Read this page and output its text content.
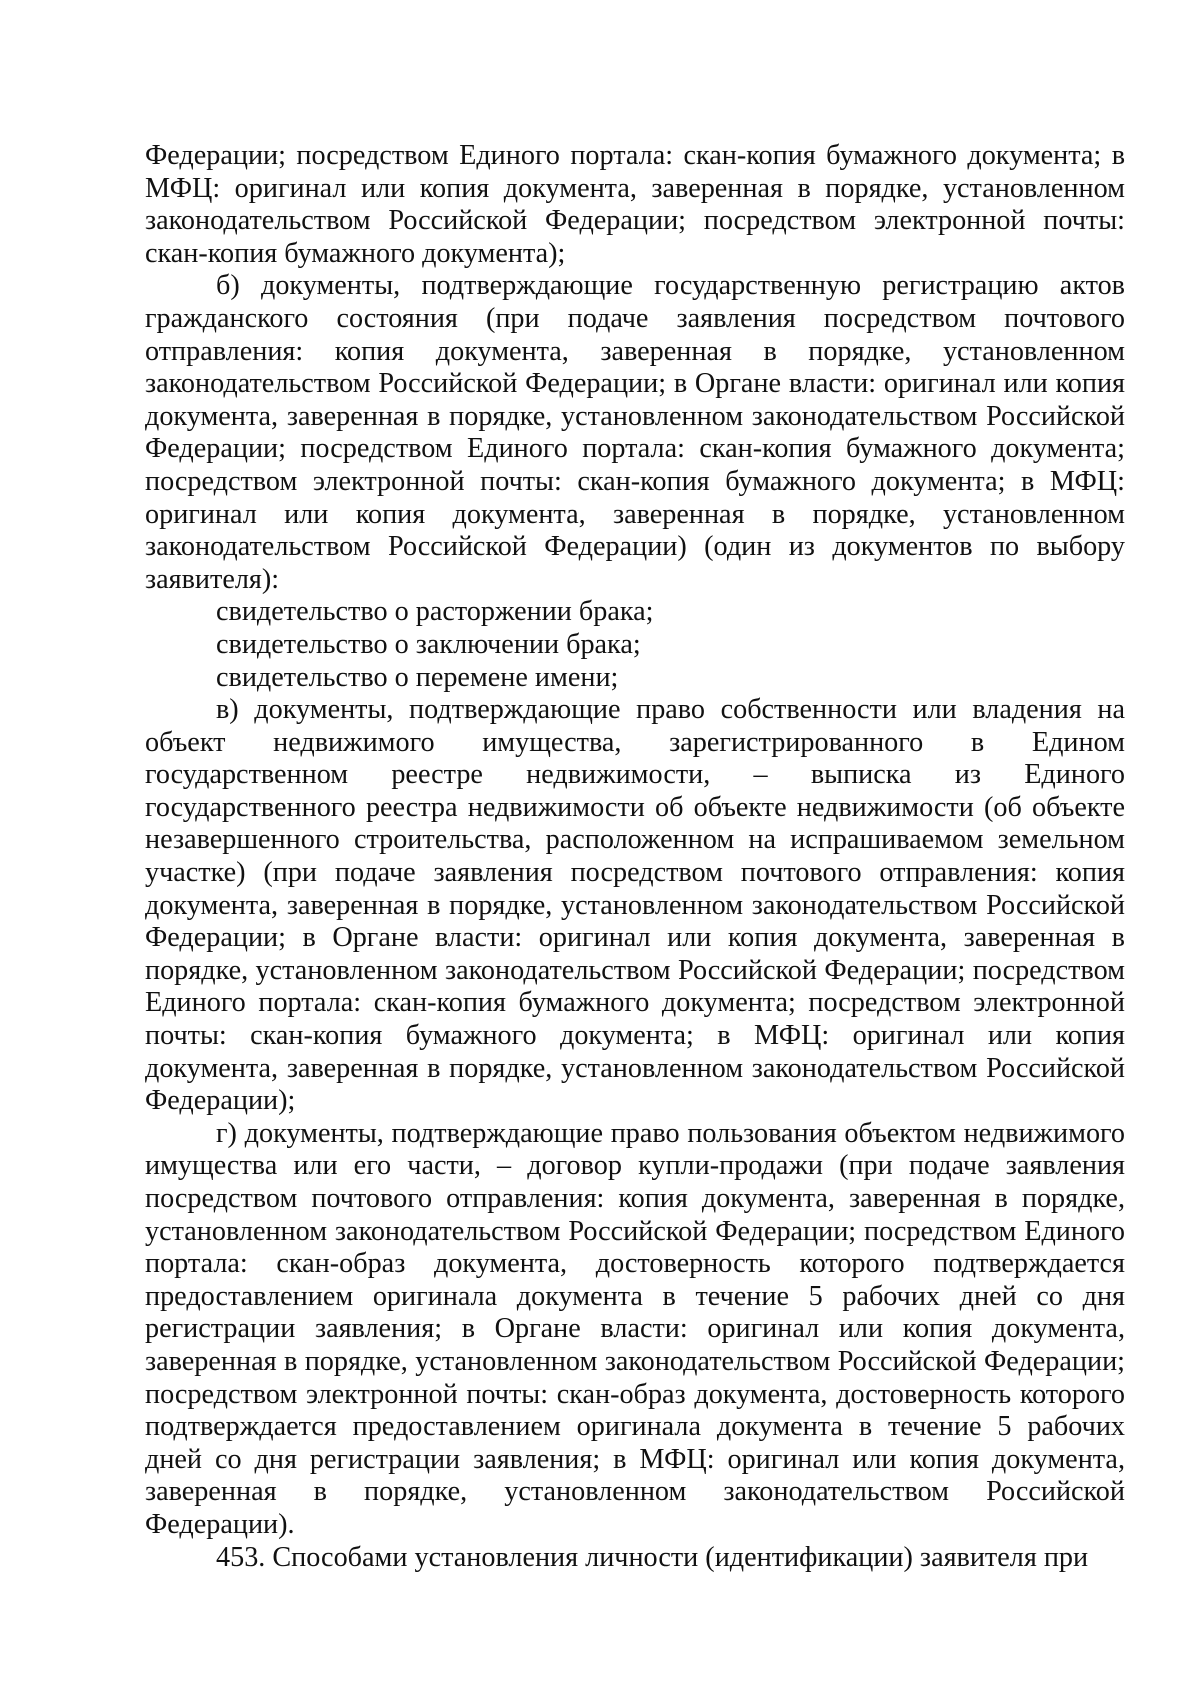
Федерации; посредством Единого портала: скан-копия бумажного документа; в МФЦ: оригинал или копия документа, заверенная в порядке, установленном законодательством Российской Федерации; посредством электронной почты: скан-копия бумажного документа);

б) документы, подтверждающие государственную регистрацию актов гражданского состояния (при подаче заявления посредством почтового отправления: копия документа, заверенная в порядке, установленном законодательством Российской Федерации; в Органе власти: оригинал или копия документа, заверенная в порядке, установленном законодательством Российской Федерации; посредством Единого портала: скан-копия бумажного документа; посредством электронной почты: скан-копия бумажного документа; в МФЦ: оригинал или копия документа, заверенная в порядке, установленном законодательством Российской Федерации) (один из документов по выбору заявителя):

свидетельство о расторжении брака;

свидетельство о заключении брака;

свидетельство о перемене имени;

в) документы, подтверждающие право собственности или владения на объект недвижимого имущества, зарегистрированного в Едином государственном реестре недвижимости, – выписка из Единого государственного реестра недвижимости об объекте недвижимости (об объекте незавершенного строительства, расположенном на испрашиваемом земельном участке) (при подаче заявления посредством почтового отправления: копия документа, заверенная в порядке, установленном законодательством Российской Федерации; в Органе власти: оригинал или копия документа, заверенная в порядке, установленном законодательством Российской Федерации; посредством Единого портала: скан-копия бумажного документа; посредством электронной почты: скан-копия бумажного документа; в МФЦ: оригинал или копия документа, заверенная в порядке, установленном законодательством Российской Федерации);

г) документы, подтверждающие право пользования объектом недвижимого имущества или его части, – договор купли-продажи (при подаче заявления посредством почтового отправления: копия документа, заверенная в порядке, установленном законодательством Российской Федерации; посредством Единого портала: скан-образ документа, достоверность которого подтверждается предоставлением оригинала документа в течение 5 рабочих дней со дня регистрации заявления; в Органе власти: оригинал или копия документа, заверенная в порядке, установленном законодательством Российской Федерации; посредством электронной почты: скан-образ документа, достоверность которого подтверждается предоставлением оригинала документа в течение 5 рабочих дней со дня регистрации заявления; в МФЦ: оригинал или копия документа, заверенная в порядке, установленном законодательством Российской Федерации).

453. Способами установления личности (идентификации) заявителя при
